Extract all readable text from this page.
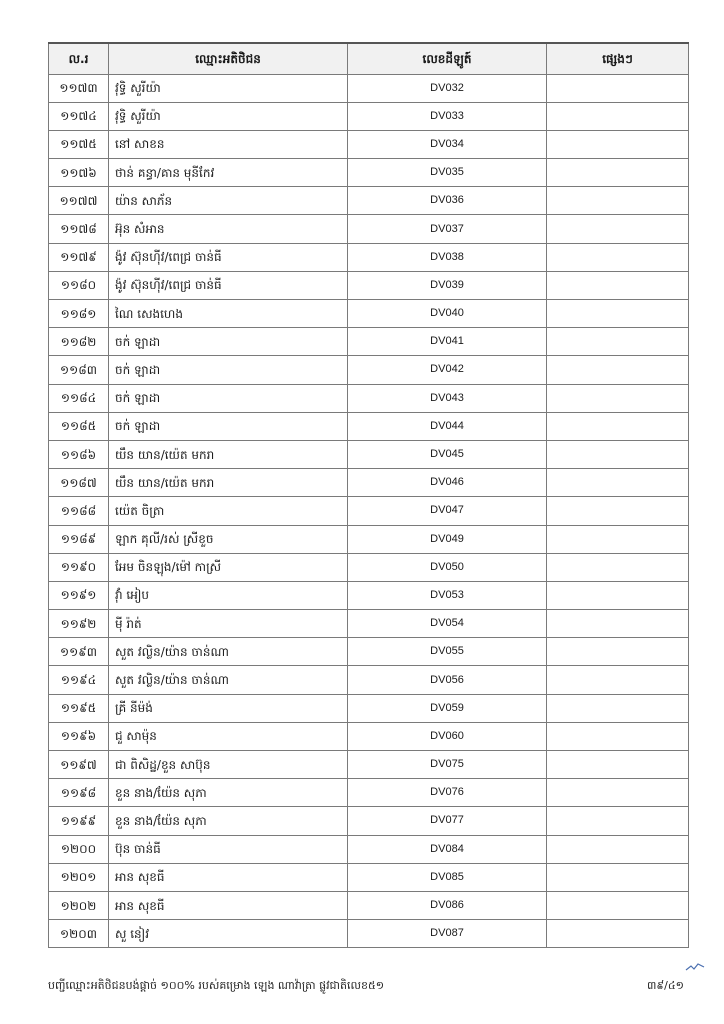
ល.រ	ឈ្មោះអតិថិជន	លេខដីឡូត៍	ផ្សេងៗ
១១៧៣	វុទ្ធិ សួរីយ៉ា	DV032	
១១៧៤	វុទ្ធិ សួរីយ៉ា	DV033	
១១៧៥	នៅ សាខន	DV034	
១១៧៦	ថាន់ គន្ធា/គាន មុនីកែវ	DV035	
១១៧៧	យ៉ាន សាភ័ន	DV036	
១១៧៨	អ៊ុន សំអាន	DV037	
១១៧៩	ង៉ូវ ស៊ុនហ៊ីវ/ពេជ្រ ចាន់ធី	DV038	
១១៨០	ង៉ូវ ស៊ុនហ៊ីវ/ពេជ្រ ចាន់ធី	DV039	
១១៨១	ណៃ សេងហេង	DV040	
១១៨២	ចក់ ឡាដា	DV041	
១១៨៣	ចក់ ឡាដា	DV042	
១១៨៤	ចក់ ឡាដា	DV043	
១១៨៥	ចក់ ឡាដា	DV044	
១១៨៦	យឹន យាន/យ៉េត មករា	DV045	
១១៨៧	យឹន យាន/យ៉េត មករា	DV046	
១១៨៨	យ៉េត ចិត្រា	DV047	
១១៨៩	ឡាក គុលី/រស់ ស្រីខួច	DV049	
១១៩០	អែម ចិនឡុង/ម៉ៅ កាស្រី	DV050	
១១៩១	វ៉ាំ អៀប	DV053	
១១៩២	ម៉ី រ៉ាត់	DV054	
១១៩៣	សួត វល្លិន/យ៉ាន ចាន់ណា	DV055	
១១៩៤	សួត វល្លិន/យ៉ាន ចាន់ណា	DV056	
១១៩៥	គ្រី នីម៉ង់	DV059	
១១៩៦	ជួ សាម៉ុន	DV060	
១១៩៧	ជា ពិសិដ្ឋ/ខួន សាប៊ុន	DV075	
១១៩៨	ខួន នាង/យ៉ែន សុភា	DV076	
១១៩៩	ខួន នាង/យ៉ែន សុភា	DV077	
១២០០	ប៊ុន ចាន់ធី	DV084	
១២០១	អាន សុខធី	DV085	
១២០២	អាន សុខធី	DV086	
១២០៣	សួ នៀវ	DV087	
បញ្ជីឈ្មោះអតិថិជនបង់ផ្តាច់ ១០០% របស់គម្រោង ឡេង ណាវ៉ាត្រា ផ្លូវជាតិលេខ៥១	៣៩/៤១
